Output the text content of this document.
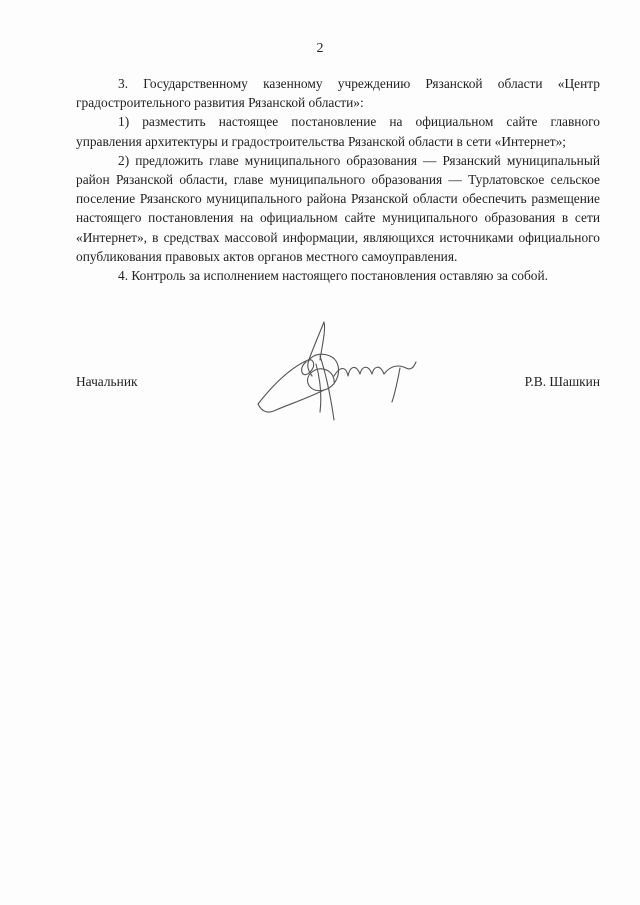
2

3. Государственному казенному учреждению Рязанской области «Центр градостроительного развития Рязанской области»:

1) разместить настоящее постановление на официальном сайте главного управления архитектуры и градостроительства Рязанской области в сети «Интернет»;

2) предложить главе муниципального образования — Рязанский муниципальный район Рязанской области, главе муниципального образования — Турлатовское сельское поселение Рязанского муниципального района Рязанской области обеспечить размещение настоящего постановления на официальном сайте муниципального образования в сети «Интернет», в средствах массовой информации, являющихся источниками официального опубликования правовых актов органов местного самоуправления.

4. Контроль за исполнением настоящего постановления оставляю за собой.

Начальник	Р.В. Шашкин
